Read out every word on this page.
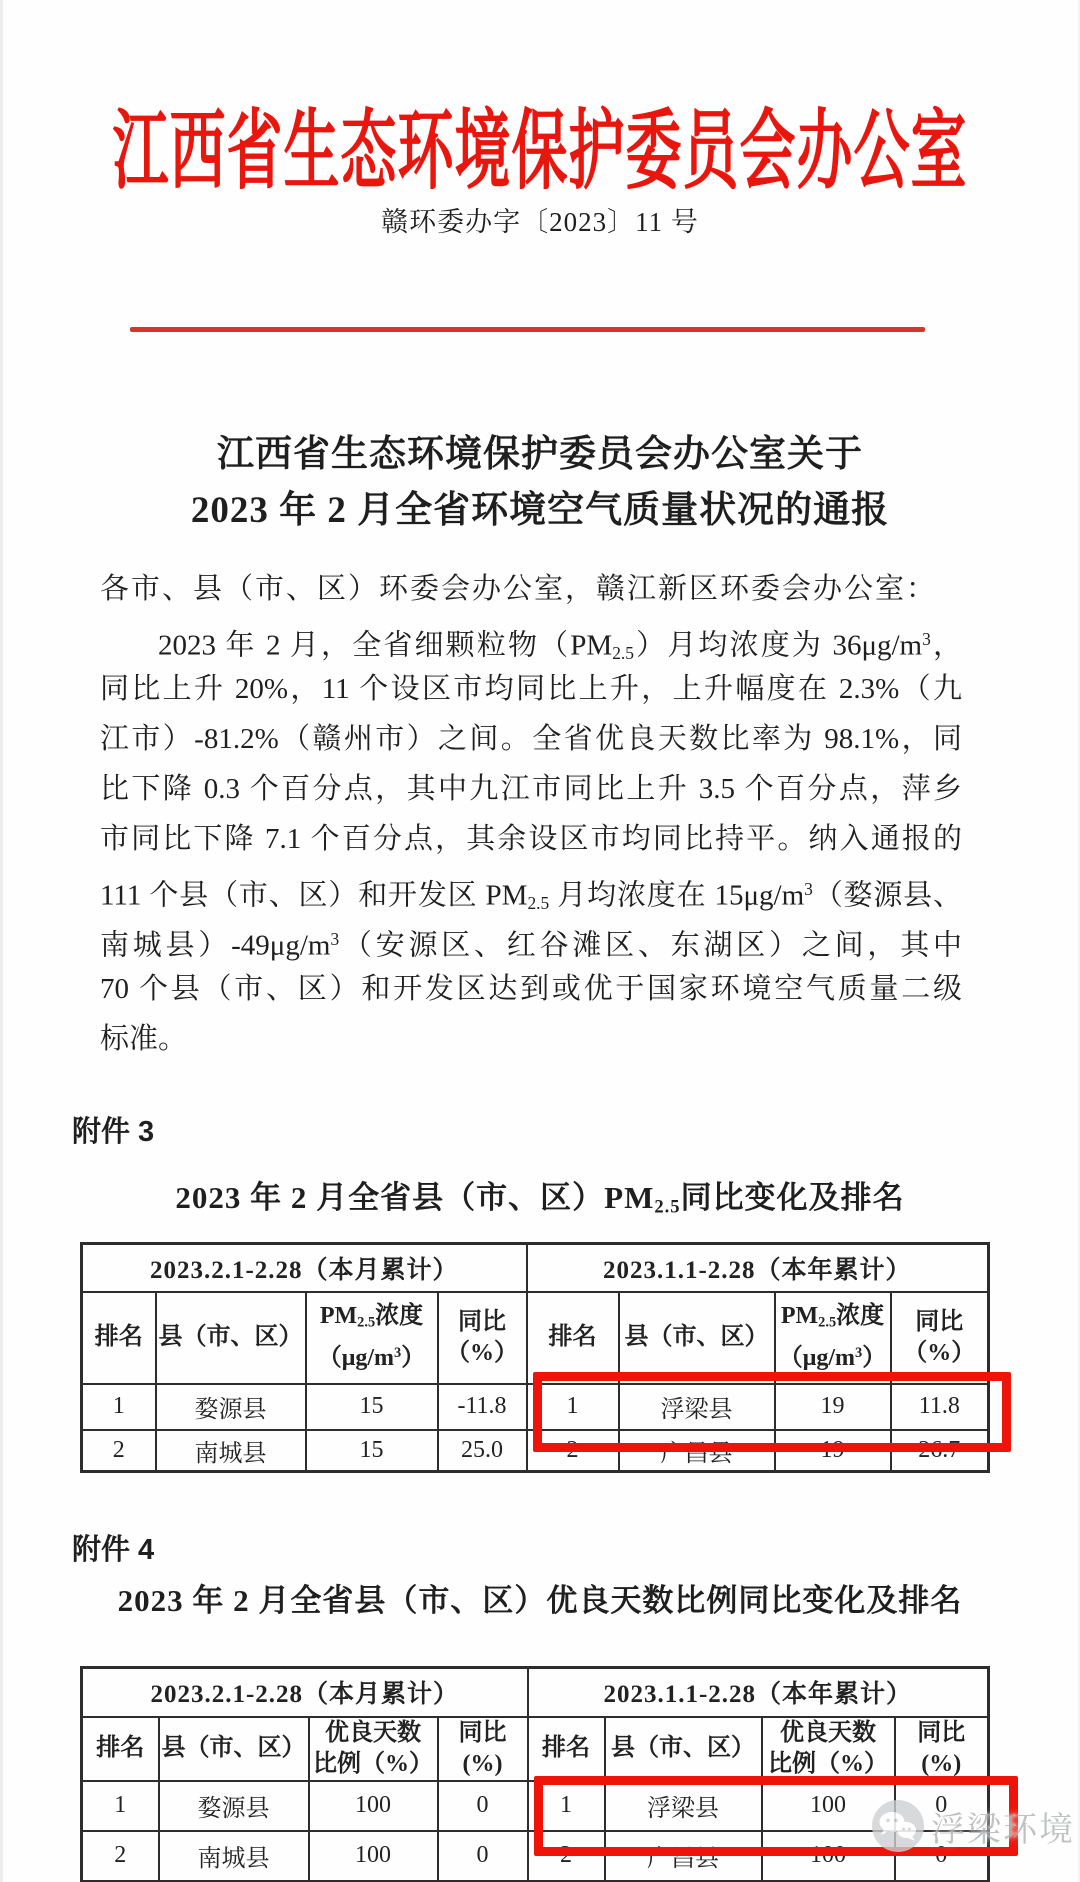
江西省生态环境保护委员会办公室
赣环委办字〔2023〕11 号
江西省生态环境保护委员会办公室关于
2023 年 2 月全省环境空气质量状况的通报
各市、县（市、区）环委会办公室，赣江新区环委会办公室：
2023 年 2 月，全省细颗粒物$(PM_{2.5})$月均浓度为 $36\mu g/m^3$，
同比上升 20%，11 个设区市均同比上升，上升幅度在 2.3%（九
江市）-81.2%（赣州市）之间。全省优良天数比率为 98.1%，同
比下降 0.3 个百分点，其中九江市同比上升 3.5 个百分点，萍乡
市同比下降 7.1 个百分点，其余设区市均同比持平。纳入通报的
111 个县（市、区）和开发区 $PM_{2.5}$ 月均浓度在 $15\mu g/m^3$（婺源县、
南城县）$-49\mu g/m^3$（安源区、红谷滩区、东湖区）之间，其中
70 个县（市、区）和开发区达到或优于国家环境空气质量二级
标准。
附件 3
2023 年 2 月全省县（市、区）$PM_{2.5}$同比变化及排名
2023.2.1-2.28（本月累计）				2023.1.1-2.28（本年累计）			
排名	县（市、区）	$PM_{2.5}$浓度
$(\mu g/m^3)$	同比
（%）	排名	县（市、区）	$PM_{2.5}$浓度
$(\mu g/m^3)$	同比
（%）
1	婺源县	15	-11.8	1	浮梁县	19	11.8
2	南城县	15	25.0	2	广昌县	19	26.7
附件 4
2023 年 2 月全省县（市、区）优良天数比例同比变化及排名
2023.2.1-2.28（本月累计）				2023.1.1-2.28（本年累计）			
排名	县（市、区）	优良天数
比例（%）	同比
(%)	排名	县（市、区）	优良天数
比例（%）	同比
(%)
1	婺源县	100	0	1	浮梁县	100	0
2	南城县	100	0	2	广昌县	100	0

浮梁环境
